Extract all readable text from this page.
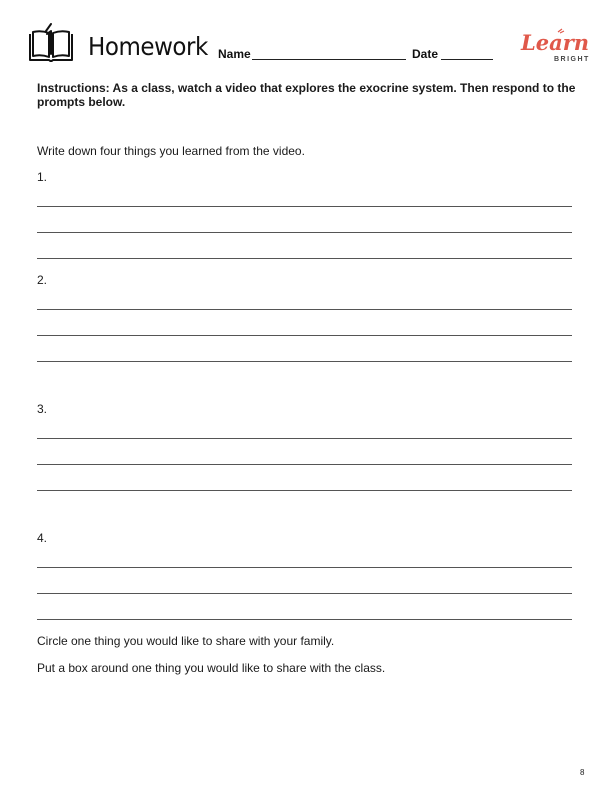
Homework Name	Date	Learn
BRIGHT
Instructions: As a class, watch a video that explores the exocrine system. Then respond to the prompts below.
Write down four things you learned from the video.
1.
2.
3.
4.
Circle one thing you would like to share with your family.
Put a box around one thing you would like to share with the class.
8
